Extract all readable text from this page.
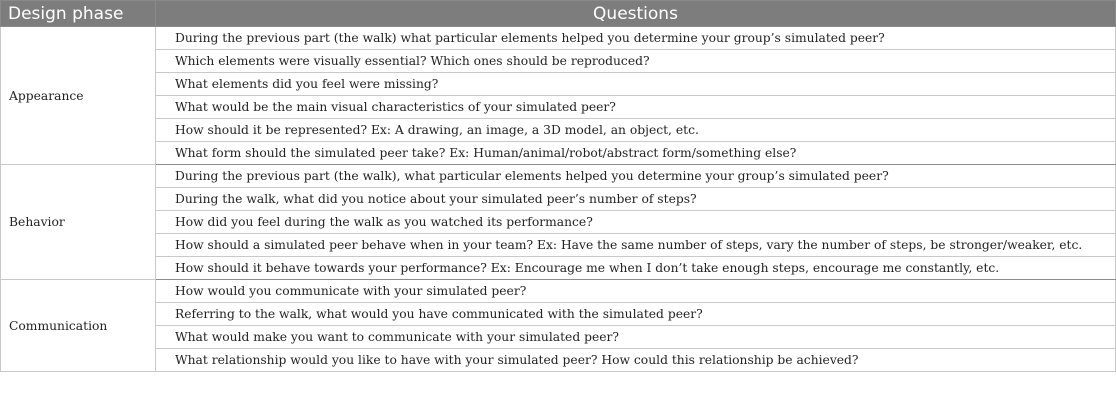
Design phase	Questions
Appearance	During the previous part (the walk) what particular elements helped you determine your group’s simulated peer?
	Which elements were visually essential? Which ones should be reproduced?
	What elements did you feel were missing?
	What would be the main visual characteristics of your simulated peer?
	How should it be represented? Ex: A drawing, an image, a 3D model, an object, etc.
	What form should the simulated peer take? Ex: Human/animal/robot/abstract form/something else?
Behavior	During the previous part (the walk), what particular elements helped you determine your group’s simulated peer?
	During the walk, what did you notice about your simulated peer’s number of steps?
	How did you feel during the walk as you watched its performance?
	How should a simulated peer behave when in your team? Ex: Have the same number of steps, vary the number of steps, be stronger/weaker, etc.
	How should it behave towards your performance? Ex: Encourage me when I don’t take enough steps, encourage me constantly, etc.
Communication	How would you communicate with your simulated peer?
	Referring to the walk, what would you have communicated with the simulated peer?
	What would make you want to communicate with your simulated peer?
	What relationship would you like to have with your simulated peer? How could this relationship be achieved?
